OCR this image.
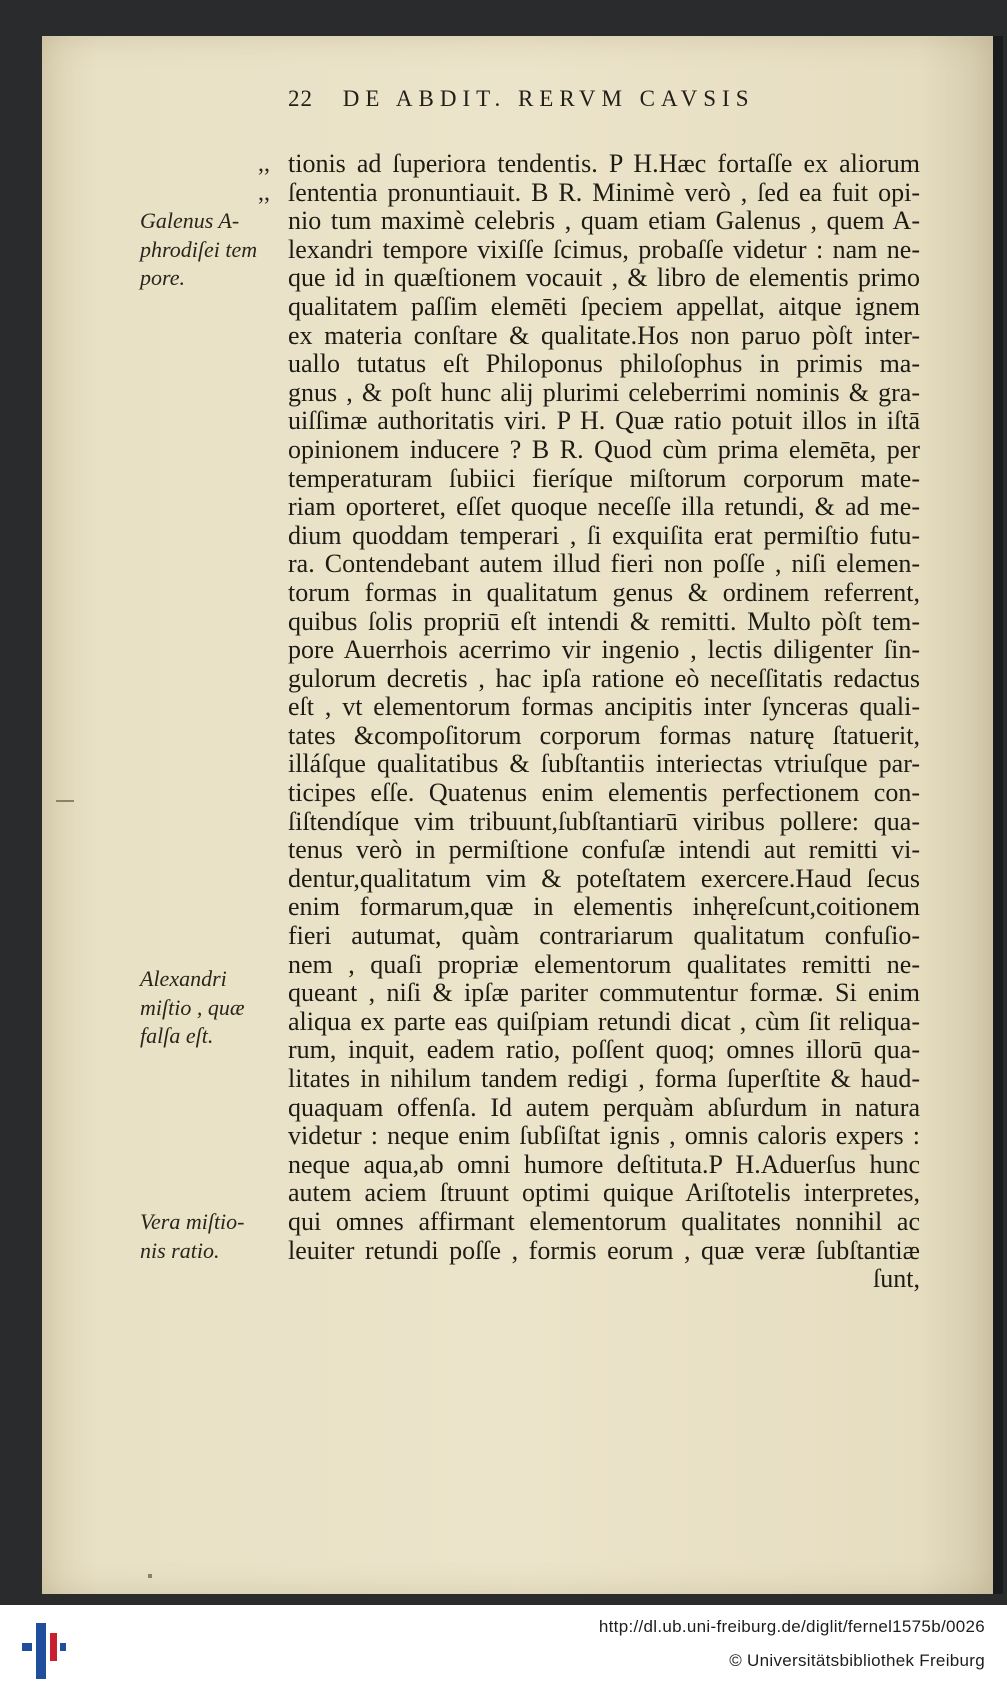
22 DE ABDIT. RERVM CAVSIS
,,
,,
Galenus A-
phrodiſei tem
pore.
Alexandri
miſtio , quæ
falſa eſt.
Vera miſtio-
nis ratio.
tionis ad ſuperiora tendentis. P H.Hæc fortaſſe ex aliorum
ſententia pronuntiauit. B R. Minimè verò , ſed ea fuit opi-
nio tum maximè celebris , quam etiam Galenus , quem A-
lexandri tempore vixiſſe ſcimus, probaſſe videtur : nam ne-
que id in quæſtionem vocauit , & libro de elementis primo
qualitatem paſſim elemēti ſpeciem appellat, aitque ignem
ex materia conſtare & qualitate.Hos non paruo pòſt inter-
uallo tutatus eſt Philoponus philoſophus in primis ma-
gnus , & poſt hunc alij plurimi celeberrimi nominis & gra-
uiſſimæ authoritatis viri. P H. Quæ ratio potuit illos in iſtā
opinionem inducere ? B R. Quod cùm prima elemēta, per
temperaturam ſubiici fieríque miſtorum corporum mate-
riam oporteret, eſſet quoque neceſſe illa retundi, & ad me-
dium quoddam temperari , ſi exquiſita erat permiſtio futu-
ra. Contendebant autem illud fieri non poſſe , niſi elemen-
torum formas in qualitatum genus & ordinem referrent,
quibus ſolis propriū eſt intendi & remitti. Multo pòſt tem-
pore Auerrhois acerrimo vir ingenio , lectis diligenter ſin-
gulorum decretis , hac ipſa ratione eò neceſſitatis redactus
eſt , vt elementorum formas ancipitis inter ſynceras quali-
tates &compoſitorum corporum formas naturę ſtatuerit,
illáſque qualitatibus & ſubſtantiis interiectas vtriuſque par-
ticipes eſſe. Quatenus enim elementis perfectionem con-
ſiſtendíque vim tribuunt,ſubſtantiarū viribus pollere: qua-
tenus verò in permiſtione confuſæ intendi aut remitti vi-
dentur,qualitatum vim & poteſtatem exercere.Haud ſecus
enim formarum,quæ in elementis inhęreſcunt,coitionem
fieri autumat, quàm contrariarum qualitatum confuſio-
nem , quaſi propriæ elementorum qualitates remitti ne-
queant , niſi & ipſæ pariter commutentur formæ. Si enim
aliqua ex parte eas quiſpiam retundi dicat , cùm ſit reliqua-
rum, inquit, eadem ratio, poſſent quoq; omnes illorū qua-
litates in nihilum tandem redigi , forma ſuperſtite & haud-
quaquam offenſa. Id autem perquàm abſurdum in natura
videtur : neque enim ſubſiſtat ignis , omnis caloris expers :
neque aqua,ab omni humore deſtituta.P H.Aduerſus hunc
autem aciem ſtruunt optimi quique Ariſtotelis interpretes,
qui omnes affirmant elementorum qualitates nonnihil ac
leuiter retundi poſſe , formis eorum , quæ veræ ſubſtantiæ
ſunt,
http://dl.ub.uni-freiburg.de/diglit/fernel1575b/0026
© Universitätsbibliothek Freiburg
